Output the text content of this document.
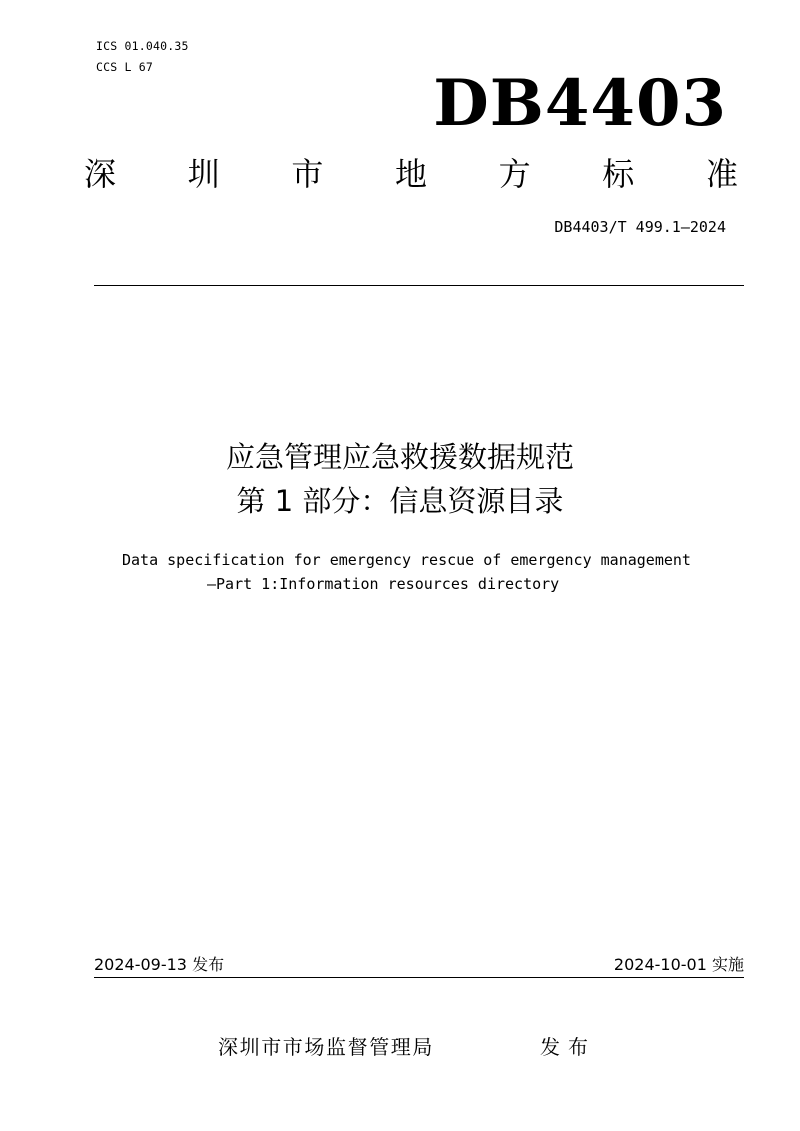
ICS 01.040.35
CCS L 67	DB4403
深 圳 市 地 方 标 准
DB4403/T 499.1—2024
应急管理应急救援数据规范
第 1 部分：信息资源目录
Data specification for emergency rescue of emergency management
—Part 1:Information resources directory
2024-09-13 发布	2024-10-01 实施
深圳市市场监督管理局	发布
